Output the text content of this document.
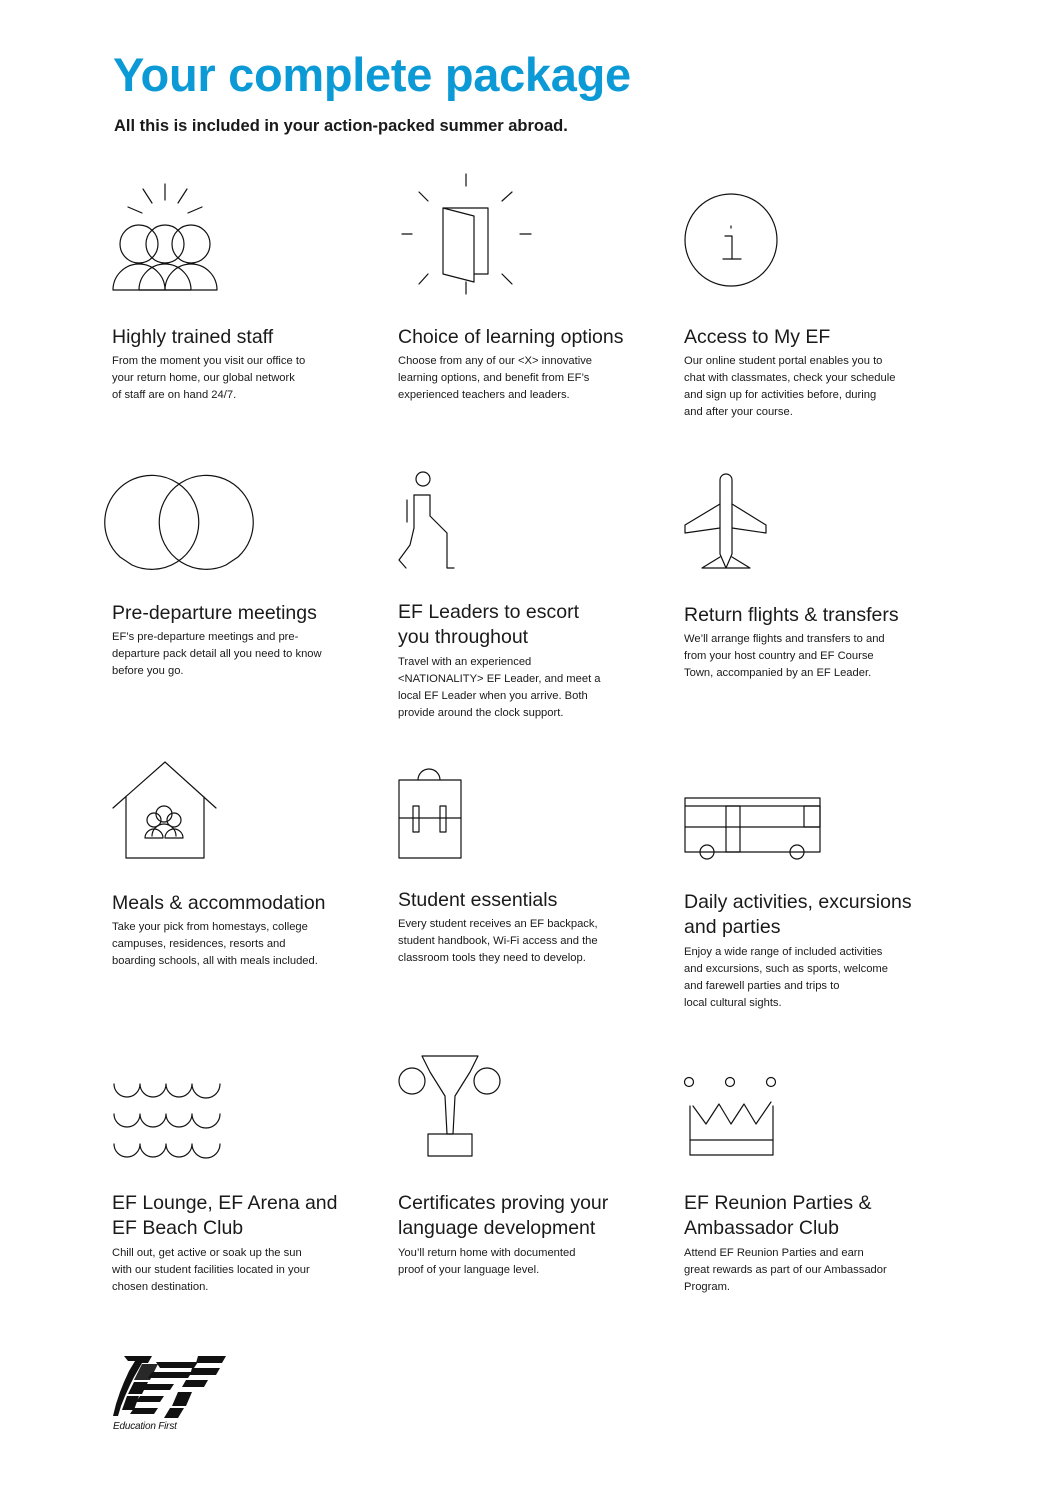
Your complete package

All this is included in your action-packed summer abroad.

Highly trained staff

From the moment you visit our office to
your return home, our global network
of staff are on hand 24/7.

Choice of learning options

Choose from any of our <X> innovative
learning options, and benefit from EF’s
experienced teachers and leaders.

Access to My EF

Our online student portal enables you to
chat with classmates, check your schedule
and sign up for activities before, during
and after your course.

Pre-departure meetings

EF’s pre-departure meetings and pre-
departure pack detail all you need to know
before you go.

EF Leaders to escort
you throughout

Travel with an experienced
<NATIONALITY> EF Leader, and meet a
local EF Leader when you arrive. Both
provide around the clock support.

Return flights & transfers

We’ll arrange flights and transfers to and
from your host country and EF Course
Town, accompanied by an EF Leader.

Meals & accommodation

Take your pick from homestays, college
campuses, residences, resorts and
boarding schools, all with meals included.

Student essentials

Every student receives an EF backpack,
student handbook, Wi-Fi access and the
classroom tools they need to develop.

Daily activities, excursions
and parties

Enjoy a wide range of included activities
and excursions, such as sports, welcome
and farewell parties and trips to
local cultural sights.

EF Lounge, EF Arena and
EF Beach Club

Chill out, get active or soak up the sun
with our student facilities located in your
chosen destination.

Certificates proving your
language development

You’ll return home with documented
proof of your language level.

EF Reunion Parties &
Ambassador Club

Attend EF Reunion Parties and earn
great rewards as part of our Ambassador
Program.

Education First
